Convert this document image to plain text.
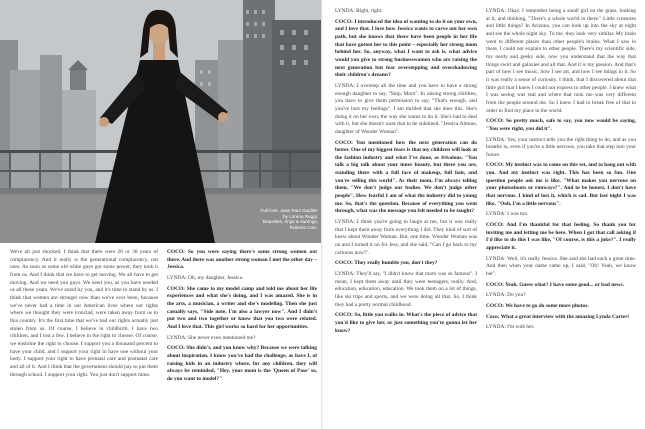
Full look, Jean Paul Gaultier
by Lorena Ruggi.
Bracelets, rings & earrings,
Roberto Coin.

We're all just shocked. I think that there were 20 or 30 years of complacency. And it really is the generational complacency, not ours. As soon as some old white guys got some power, they took it from us. And I think that we have to get moving. We all have to get moving. And we need you guys. We need you, as you have needed us all these years. We've stood by you, and it's time to stand by us. I think that women are stronger now than we've ever been, because we've never had a time in our American lives where our rights where we thought they were ironclad, were taken away from us in this country. It's the first time that we've had our rights actually just stolen from us. Of course, I believe in childbirth. I have two children, and I lost a few. I believe in the right to choose. Of course, we enshrine the right to choose. I support you a thousand percent to have your child, and I support your right to have one without your body. I support your right to have prenatal care and postnatal care and all of it. And I think that the government should pay to put them through school. I support your right. You just don't support mine.

COCO: So you were saying there's some strong women out there. And there was another strong woman I met the other day – Jessica.

LYNDA: Oh, my daughter, Jessica.

COCO: She came to my model camp and told me about her life experiences and what she's doing, and I was amazed. She is in the arts, a musician, a writer and she's modeling. Then she just casually says, "Side note, I'm also a lawyer now". And I didn't put two and two together or know that you two were related. And I love that. This girl works so hard for her opportunities.

LYNDA: She never even mentioned me?

COCO: She didn't, and you know why? Because we were talking about inspiration. I know you've had the challenge, as have I, of raising kids in an industry where, for any children, they will always be reminded, "Hey, your mom is the 'Queen of Pose' so, do you want to model?"

LYNDA: Right, right.

COCO: I introduced the idea of wanting to do it on your own, and I love that. I love how Jessica wants to carve out her own path, but she knows that there have been people in her life that have gotten her to this point – especially her strong mom behind her. So, anyway, what I want to ask is, what advice would you give to strong businesswomen who are raising the next generation but fear overstepping and overshadowing their children's dreams?

LYNDA: I overstep all the time and you have to have a strong enough daughter to say, "Stop, Mom". In raising strong children, you have to give them permission to say, "That's enough, and you've hurt my feelings". I am thrilled that she does this. She's doing it on her own, the way she wants to do it. She's had to deal with it, but she doesn't want that to be sidelined. "Jessica Altman, daughter of Wonder Woman".

COCO: You mentioned how the next generation can do better. One of my biggest fears is that my children will look at the fashion industry and what I've done, as frivolous. "You talk a big talk about your inner beauty, but there you are, standing there with a full face of makeup, full hair, and you're selling this world". As their mom, I'm always telling them, "We don't judge our bodies. We don't judge other people". How fearful I am of what the industry did to young me. So, that's the question. Because of everything you went through, what was the message you felt needed to be taught?

LYNDA: I think you're going to laugh at me, but it was really that I kept them away from everything I did. They kind of sort of knew about Wonder Woman. But, one time, Wonder Woman was on and I turned it on for Jess, and she said, "Can I go back to my cartoons now?".

COCO: They really humble you, don't they?

LYNDA: They'll say, "I didn't know that mom was so famous". I mean, I kept them away until they were teenagers, really. And, education, education, education. We took them on a lot of things, like ski trips and sports, and we were doing all that. So, I think they had a pretty normal childhood.

COCO: So, little you walks in. What's the piece of advice that you'd like to give her, or just something you're gonna let her know?

LYNDA: Okay. I remember being a small girl on the grass, looking at it, and thinking, "There's a whole world in there." Little creatures and little things? In Arizona, you can look up into the sky at night and see the whole night sky. To me, they look very similar. My brain went to different places than other people's brains. What I saw in there, I could not explain to other people. There's my scientific side, my nerdy and geeky side, now you understand that the way that things swirl and galaxies and all that. And it is my passion. And that's part of how I see music, how I see art, and how I see things in it. So it was really a sense of curiosity. I think, that I discovered about that little girl that I knew I could not express to other people. I knew what I was seeing was real and where that took me was very different from the people around me. So I knew I had to break free of that in order to find my place in the world.

COCO: So pretty much, safe to say, you now would be saying, "You were right, you did it".

LYNDA: Yes, your instinct tells you the right thing to do, and as you breathe in, even if you're a little nervous, you take that step into your future.

COCO: My instinct was to come on this set, and to hang out with you. And my instinct was right. This has been so fun. One question people ask me is like, "What makes you nervous on your photoshoots or runways?". And to be honest, I don't have that nervous. I kind of lost it, which is sad. But last night I was like, "Ooh, I'm a little nervous".

LYNDA: I was too.

COCO: And I'm thankful for that feeling. So thank you for inviting me and letting me be here. When I got that call asking if I'd like to do this I was like, "Of course, is this a joke?". I really appreciate it.

LYNDA: Well, it's really Jessica. She said she had such a great time. And then when your name came up, I said, "Oh! Yeah, we know her".

COCO: Yeah. Guess what? I have some good... or bad news.

LYNDA: Do you?

COCO: We have to go do some more photos.

Coco: What a great interview with the amazing Lynda Carter!

LYNDA: I'm with her.
